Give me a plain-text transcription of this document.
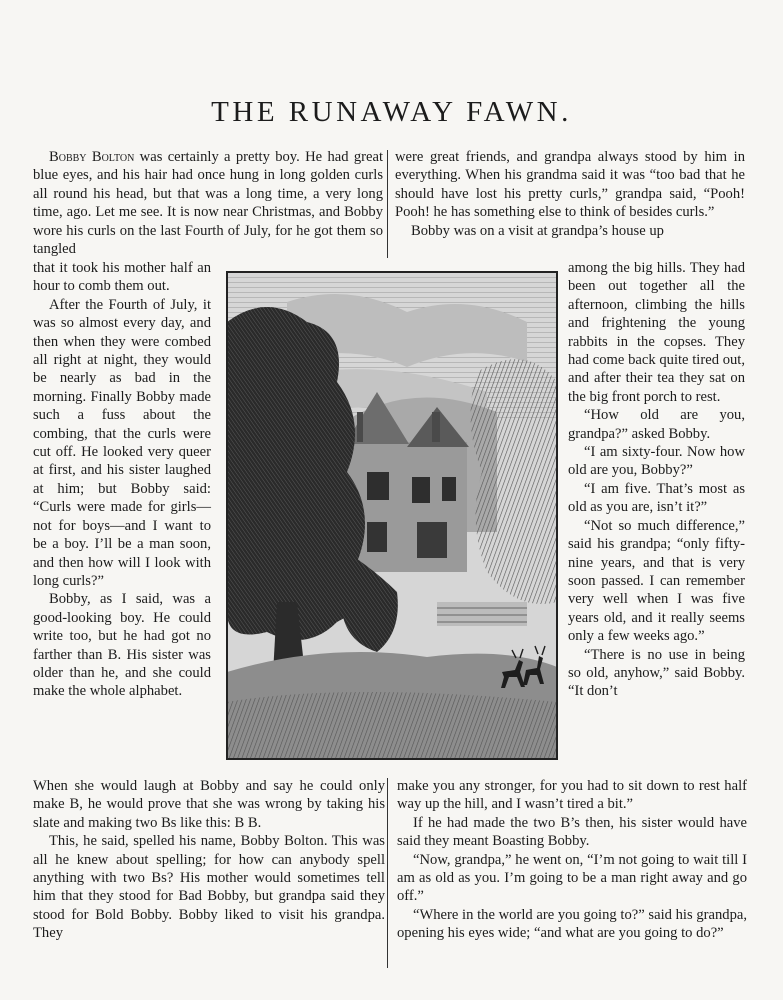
THE RUNAWAY FAWN.

Bobby Bolton was certainly a pretty boy. He had great blue eyes, and his hair had once hung in long golden curls all round his head, but that was a long time, a very long time, ago. Let me see. It is now near Christmas, and Bobby wore his curls on the last Fourth of July, for he got them so tangled

that it took his mother half an hour to comb them out.

After the Fourth of July, it was so almost every day, and then when they were combed all right at night, they would be nearly as bad in the morning. Finally Bobby made such a fuss about the combing, that the curls were cut off. He looked very queer at first, and his sister laughed at him; but Bobby said: “Curls were made for girls—not for boys—and I want to be a boy. I’ll be a man soon, and then how will I look with long curls?”

Bobby, as I said, was a good-looking boy. He could write too, but he had got no farther than B. His sister was older than he, and she could make the whole alphabet.

When she would laugh at Bobby and say he could only make B, he would prove that she was wrong by taking his slate and making two Bs like this: B B.

This, he said, spelled his name, Bobby Bolton. This was all he knew about spelling; for how can anybody spell anything with two Bs? His mother would sometimes tell him that they stood for Bad Bobby, but grandpa said they stood for Bold Bobby. Bobby liked to visit his grandpa. They

were great friends, and grandpa always stood by him in everything. When his grandma said it was “too bad that he should have lost his pretty curls,” grandpa said, “Pooh! Pooh! he has something else to think of besides curls.”

Bobby was on a visit at grandpa’s house up

among the big hills. They had been out together all the afternoon, climbing the hills and frightening the young rabbits in the copses. They had come back quite tired out, and after their tea they sat on the big front porch to rest.

“How old are you, grandpa?” asked Bobby.

“I am sixty-four. Now how old are you, Bobby?”

“I am five. That’s most as old as you are, isn’t it?”

“Not so much difference,” said his grandpa; “only fifty-nine years, and that is very soon passed. I can remember very well when I was five years old, and it really seems only a few weeks ago.”

“There is no use in being so old, anyhow,” said Bobby. “It don’t

make you any stronger, for you had to sit down to rest half way up the hill, and I wasn’t tired a bit.”

If he had made the two B’s then, his sister would have said they meant Boasting Bobby.

“Now, grandpa,” he went on, “I’m not going to wait till I am as old as you. I’m going to be a man right away and go off.”

“Where in the world are you going to?” said his grandpa, opening his eyes wide; “and what are you going to do?”
